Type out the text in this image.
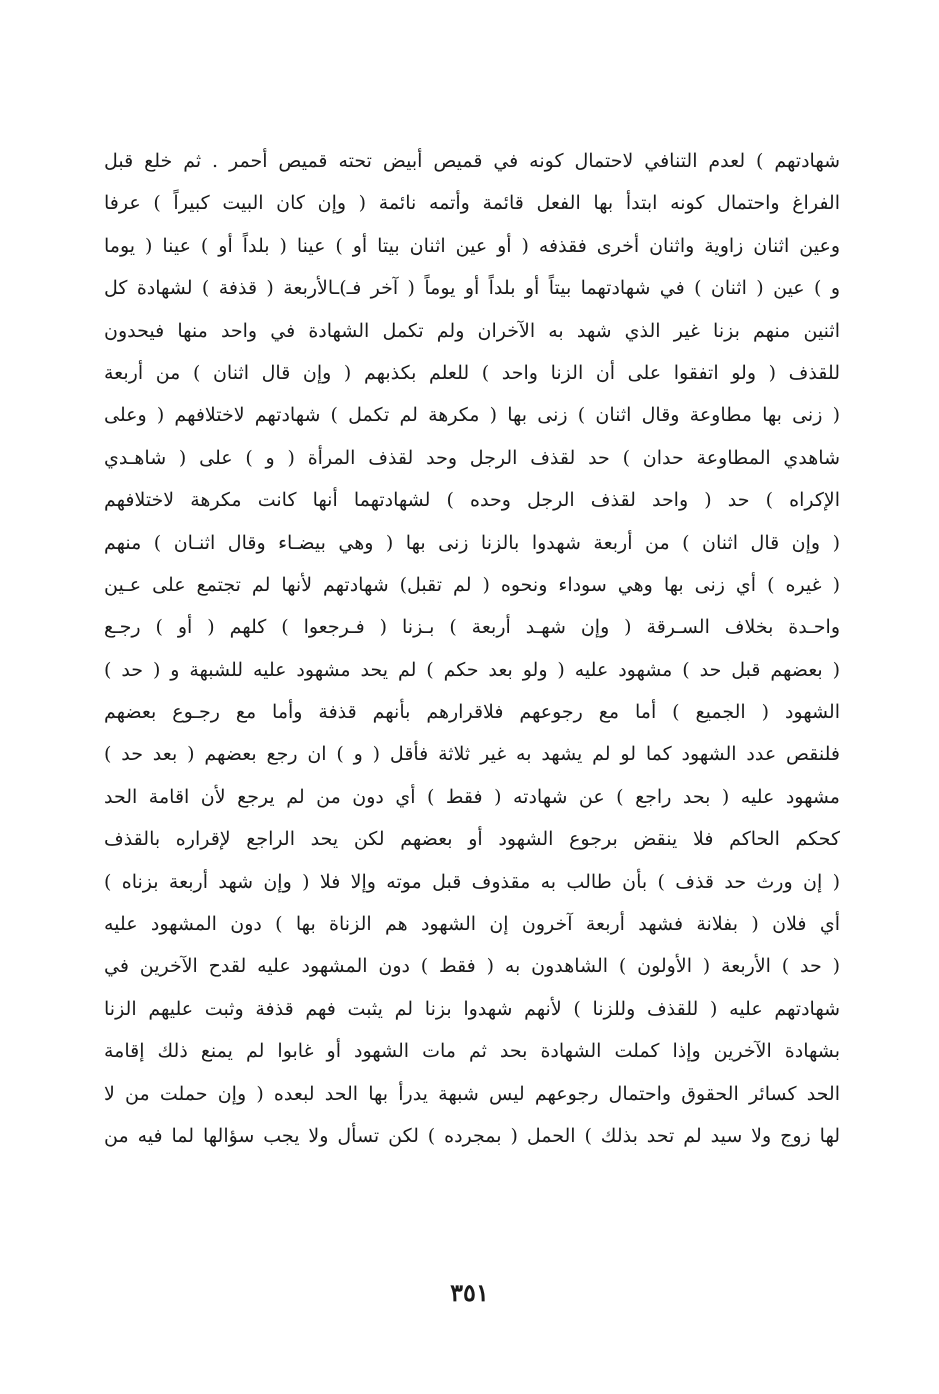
شهادتهم ) لعدم التنافي لاحتمال كونه في قميص أبيض تحته قميص أحمر . ثم خلع قبل
الفراغ واحتمال كونه ابتدأ بها الفعل قائمة وأتمه نائمة ( وإن كان البيت كبيراً ) عرفا
وعين اثنان زاوية واثنان أخرى فقذفه ( أو عين اثنان بيتا أو ) عينا ( بلداً أو ) عينا ( يوما
و ) عين ( اثنان ) في شهادتهما بيتاً أو بلداً أو يوماً ( آخر فـ)ـالأربعة ( قذفة ) لشهادة كل
اثنين منهم بزنا غير الذي شهد به الآخران ولم تكمل الشهادة في واحد منها فيحدون
للقذف ( ولو اتفقوا على أن الزنا واحد ) للعلم بكذبهم ( وإن قال اثنان ) من أربعة
( زنى بها مطاوعة وقال اثنان ) زنى بها ( مكرهة لم تكمل ) شهادتهم لاختلافهم ( وعلى
شاهدي المطاوعة حدان ) حد لقذف الرجل وحد لقذف المرأة ( و ) على ( شاهـدي
الإكراه ) حد ( واحد لقذف الرجل وحده ) لشهادتهما أنها كانت مكرهة لاختلافهم
( وإن قال اثنان ) من أربعة شهدوا بالزنا زنى بها ( وهي بيضـاء وقال اثنـان ) منهم
( غيره ) أي زنى بها وهي سوداء ونحوه ( لم تقبل) شهادتهم لأنها لم تجتمع على عـين
واحـدة بخلاف السـرقة ( وإن شهـد أربعة ) بـزنا ( فـرجعوا ) كلهم ( أو ) رجـع
( بعضهم قبل حد ) مشهود عليه ( ولو بعد حكم ) لم يحد مشهود عليه للشبهة و ( حد )
الشهود ( الجميع ) أما مع رجوعهم فلاقرارهم بأنهم قذفة وأما مع رجـوع بعضهم
فلنقص عدد الشهود كما لو لم يشهد به غير ثلاثة فأقل ( و ) ان رجع بعضهم ( بعد حد )
مشهود عليه ( بحد راجع ) عن شهادته ( فقط ) أي دون من لم يرجع لأن اقامة الحد
كحكم الحاكم فلا ينقض برجوع الشهود أو بعضهم لكن يحد الراجع لإقراره بالقذف
( إن ورث حد قذف ) بأن طالب به مقذوف قبل موته وإلا فلا ( وإن شهد أربعة بزناه )
أي فلان ( بفلانة فشهد أربعة آخرون إن الشهود هم الزناة بها ) دون المشهود عليه
( حد ) الأربعة ( الأولون ) الشاهدون به ( فقط ) دون المشهود عليه لقدح الآخرين في
شهادتهم عليه ( للقذف وللزنا ) لأنهم شهدوا بزنا لم يثبت فهم قذفة وثبت عليهم الزنا
بشهادة الآخرين وإذا كملت الشهادة بحد ثم مات الشهود أو غابوا لم يمنع ذلك إقامة
الحد كسائر الحقوق واحتمال رجوعهم ليس شبهة يدرأ بها الحد لبعده ( وإن حملت من لا
لها زوج ولا سيد لم تحد بذلك ) الحمل ( بمجرده ) لكن تسأل ولا يجب سؤالها لما فيه من
٣٥١
